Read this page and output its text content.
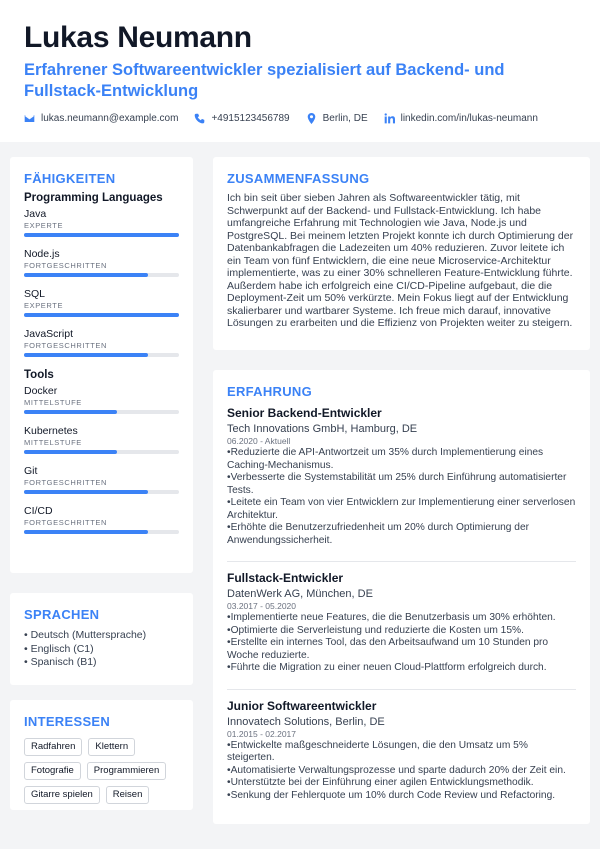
Lukas Neumann
Erfahrener Softwareentwickler spezialisiert auf Backend- und Fullstack-Entwicklung
lukas.neumann@example.com	+4915123456789	Berlin, DE	linkedin.com/in/lukas-neumann
FÄHIGKEITEN
Programming Languages
Java
EXPERTE
Node.js
FORTGESCHRITTEN
SQL
EXPERTE
JavaScript
FORTGESCHRITTEN
Tools
Docker
MITTELSTUFE
Kubernetes
MITTELSTUFE
Git
FORTGESCHRITTEN
CI/CD
FORTGESCHRITTEN
SPRACHEN
• Deutsch (Muttersprache)
• Englisch (C1)
• Spanisch (B1)
INTERESSEN
Radfahren	Klettern
Fotografie	Programmieren
Gitarre spielen	Reisen
ZUSAMMENFASSUNG
Ich bin seit über sieben Jahren als Softwareentwickler tätig, mit Schwerpunkt auf der Backend- und Fullstack-Entwicklung. Ich habe umfangreiche Erfahrung mit Technologien wie Java, Node.js und PostgreSQL. Bei meinem letzten Projekt konnte ich durch Optimierung der Datenbankabfragen die Ladezeiten um 40% reduzieren. Zuvor leitete ich ein Team von fünf Entwicklern, die eine neue Microservice-Architektur implementierte, was zu einer 30% schnelleren Feature-Entwicklung führte. Außerdem habe ich erfolgreich eine CI/CD-Pipeline aufgebaut, die die Deployment-Zeit um 50% verkürzte. Mein Fokus liegt auf der Entwicklung skalierbarer und wartbarer Systeme. Ich freue mich darauf, innovative Lösungen zu erarbeiten und die Effizienz von Projekten weiter zu steigern.
ERFAHRUNG
Senior Backend-Entwickler
Tech Innovations GmbH, Hamburg, DE
06.2020 - Aktuell
• Reduzierte die API-Antwortzeit um 35% durch Implementierung eines Caching-Mechanismus.
• Verbesserte die Systemstabilität um 25% durch Einführung automatisierter Tests.
• Leitete ein Team von vier Entwicklern zur Implementierung einer serverlosen Architektur.
• Erhöhte die Benutzerzufriedenheit um 20% durch Optimierung der Anwendungssicherheit.
Fullstack-Entwickler
DatenWerk AG, München, DE
03.2017 - 05.2020
• Implementierte neue Features, die die Benutzerbasis um 30% erhöhten.
• Optimierte die Serverleistung und reduzierte die Kosten um 15%.
• Erstellte ein internes Tool, das den Arbeitsaufwand um 10 Stunden pro Woche reduzierte.
• Führte die Migration zu einer neuen Cloud-Plattform erfolgreich durch.
Junior Softwareentwickler
Innovatech Solutions, Berlin, DE
01.2015 - 02.2017
• Entwickelte maßgeschneiderte Lösungen, die den Umsatz um 5% steigerten.
• Automatisierte Verwaltungsprozesse und sparte dadurch 20% der Zeit ein.
• Unterstützte bei der Einführung einer agilen Entwicklungsmethodik.
• Senkung der Fehlerquote um 10% durch Code Review und Refactoring.
